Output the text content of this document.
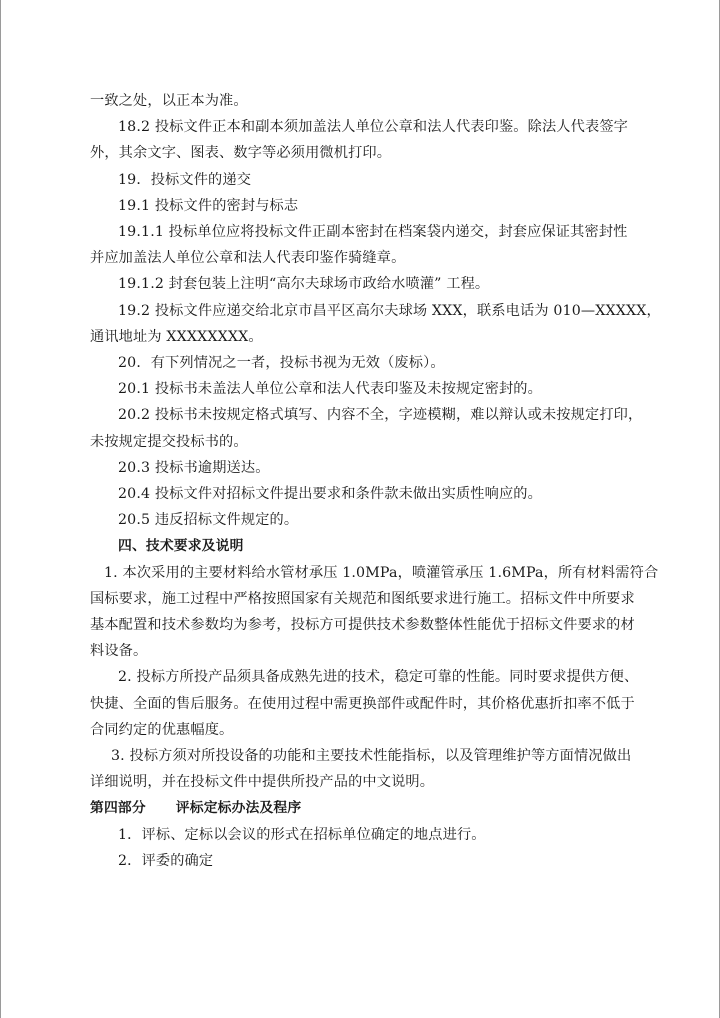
一致之处，以正本为准。
18.2 投标文件正本和副本须加盖法人单位公章和法人代表印鉴。除法人代表签字
外，其余文字、图表、数字等必须用微机打印。
19．投标文件的递交
19.1 投标文件的密封与标志
19.1.1 投标单位应将投标文件正副本密封在档案袋内递交，封套应保证其密封性
并应加盖法人单位公章和法人代表印鉴作骑缝章。
19.1.2 封套包装上注明“高尔夫球场市政给水喷灌” 工程。
19.2 投标文件应递交给北京市昌平区高尔夫球场 XXX，联系电话为 010—XXXXX，
通讯地址为 XXXXXXXX。
20．有下列情况之一者，投标书视为无效（废标）。
20.1 投标书未盖法人单位公章和法人代表印鉴及未按规定密封的。
20.2 投标书未按规定格式填写、内容不全，字迹模糊，难以辩认或未按规定打印，
未按规定提交投标书的。
20.3 投标书逾期送达。
20.4 投标文件对招标文件提出要求和条件款未做出实质性响应的。
20.5 违反招标文件规定的。
四、技术要求及说明
1. 本次采用的主要材料给水管材承压 1.0MPa，喷灌管承压 1.6MPa，所有材料需符合
国标要求，施工过程中严格按照国家有关规范和图纸要求进行施工。招标文件中所要求
基本配置和技术参数均为参考，投标方可提供技术参数整体性能优于招标文件要求的材
料设备。
2. 投标方所投产品须具备成熟先进的技术，稳定可靠的性能。同时要求提供方便、
快捷、全面的售后服务。在使用过程中需更换部件或配件时，其价格优惠折扣率不低于
合同约定的优惠幅度。
3. 投标方须对所投设备的功能和主要技术性能指标，以及管理维护等方面情况做出
详细说明，并在投标文件中提供所投产品的中文说明。
第四部分 评标定标办法及程序
1．评标、定标以会议的形式在招标单位确定的地点进行。
2．评委的确定
